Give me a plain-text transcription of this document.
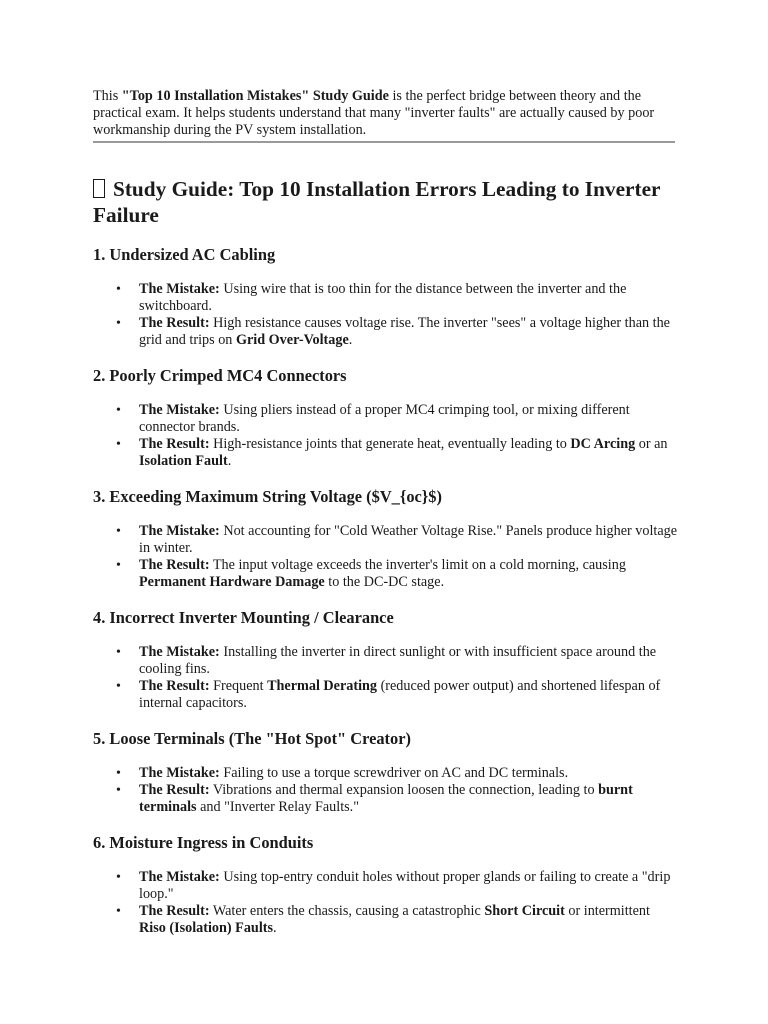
This "Top 10 Installation Mistakes" Study Guide is the perfect bridge between theory and the practical exam. It helps students understand that many "inverter faults" are actually caused by poor workmanship during the PV system installation.

Study Guide: Top 10 Installation Errors Leading to Inverter Failure
1. Undersized AC Cabling
• The Mistake: Using wire that is too thin for the distance between the inverter and the switchboard.
• The Result: High resistance causes voltage rise. The inverter "sees" a voltage higher than the grid and trips on Grid Over-Voltage.
2. Poorly Crimped MC4 Connectors
• The Mistake: Using pliers instead of a proper MC4 crimping tool, or mixing different connector brands.
• The Result: High-resistance joints that generate heat, eventually leading to DC Arcing or an Isolation Fault.
3. Exceeding Maximum String Voltage ($V_{oc}$)
• The Mistake: Not accounting for "Cold Weather Voltage Rise." Panels produce higher voltage in winter.
• The Result: The input voltage exceeds the inverter's limit on a cold morning, causing Permanent Hardware Damage to the DC-DC stage.
4. Incorrect Inverter Mounting / Clearance
• The Mistake: Installing the inverter in direct sunlight or with insufficient space around the cooling fins.
• The Result: Frequent Thermal Derating (reduced power output) and shortened lifespan of internal capacitors.
5. Loose Terminals (The "Hot Spot" Creator)
• The Mistake: Failing to use a torque screwdriver on AC and DC terminals.
• The Result: Vibrations and thermal expansion loosen the connection, leading to burnt terminals and "Inverter Relay Faults."
6. Moisture Ingress in Conduits
• The Mistake: Using top-entry conduit holes without proper glands or failing to create a "drip loop."
• The Result: Water enters the chassis, causing a catastrophic Short Circuit or intermittent Riso (Isolation) Faults.
